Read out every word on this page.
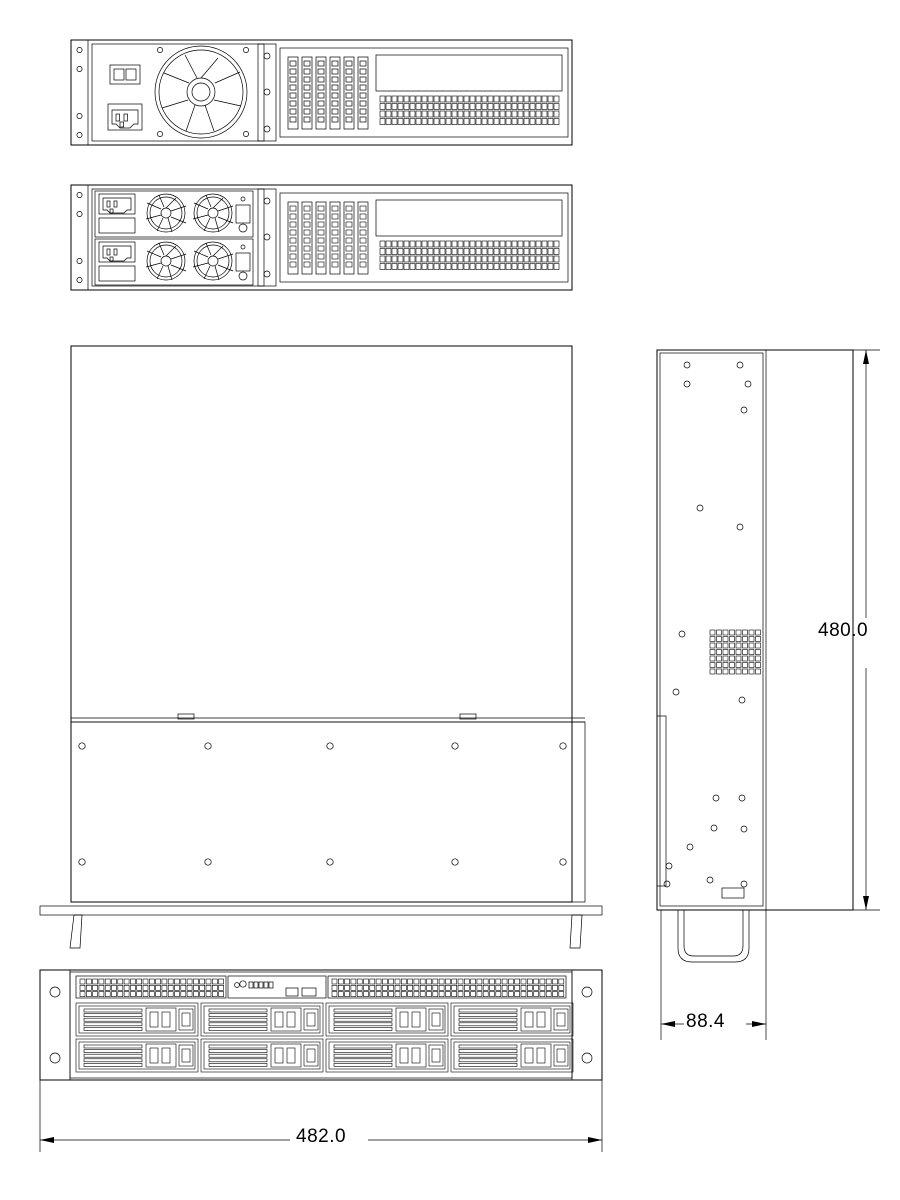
482.0
480.0
88.4
